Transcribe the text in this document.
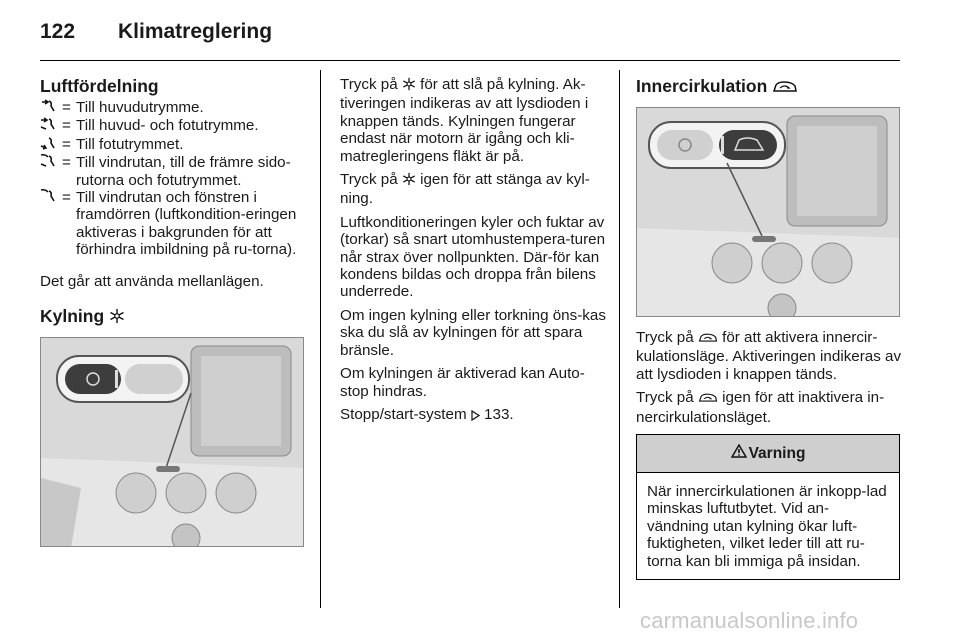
122 Klimatreglering
Luftfördelning
= Till huvudutrymme.
= Till huvud- och fotutrymme.
= Till fotutrymmet.
= Till vindrutan, till de främre sido-rutorna och fotutrymmet.
= Till vindrutan och fönstren i framdörren (luftkondition-eringen aktiveras i bakgrunden för att förhindra imbildning på ru-torna).

Det går att använda mellanlägen.

Kylning

Tryck på  för att slå på kylning. Ak-tiveringen indikeras av att lysdioden i knappen tänds. Kylningen fungerar endast när motorn är igång och kli-matregleringens fläkt är på.

Tryck på  igen för att stänga av kyl-ning.

Luftkonditioneringen kyler och fuktar av (torkar) så snart utomhustempera-turen når strax över nollpunkten. Där-för kan kondens bildas och droppa från bilens underrede.

Om ingen kylning eller torkning öns-kas ska du slå av kylningen för att spara bränsle.

Om kylningen är aktiverad kan Auto-stop hindras.

Stopp/start-system  133.

Innercirkulation

Tryck på  för att aktivera innercir-kulationsläge. Aktiveringen indikeras av att lysdioden i knappen tänds.

Tryck på  igen för att inaktivera in-nercirkulationsläget.

Varning
När innercirkulationen är inkopp-lad minskas luftutbytet. Vid an-vändning utan kylning ökar luft-fuktigheten, vilket leder till att ru-torna kan bli immiga på insidan.
carmanualsonline.info
